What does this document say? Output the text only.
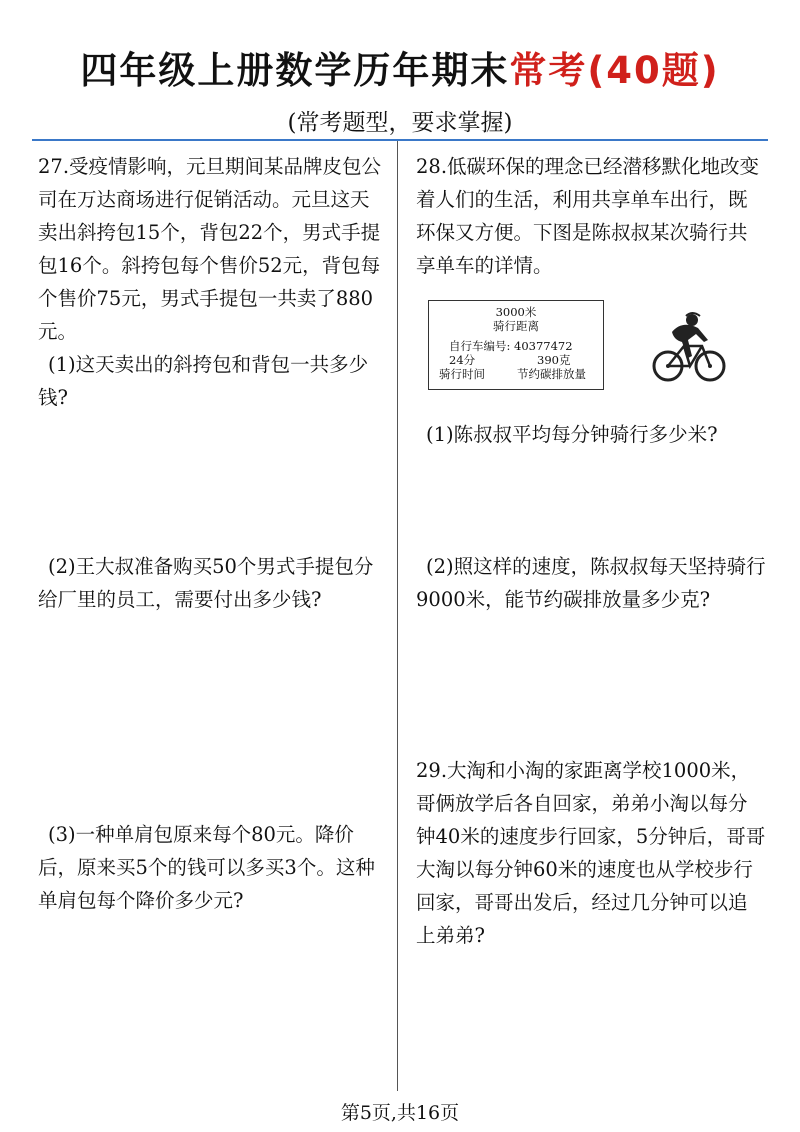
四年级上册数学历年期末常考(40题)
(常考题型，要求掌握)

27.受疫情影响，元旦期间某品牌皮包公司在万达商场进行促销活动。元旦这天卖出斜挎包15个，背包22个，男式手提包16个。斜挎包每个售价52元，背包每个售价75元，男式手提包一共卖了880元。

(1)这天卖出的斜挎包和背包一共多少钱?

(2)王大叔准备购买50个男式手提包分给厂里的员工，需要付出多少钱?

(3)一种单肩包原来每个80元。降价后，原来买5个的钱可以多买3个。这种单肩包每个降价多少元?

28.低碳环保的理念已经潜移默化地改变着人们的生活，利用共享单车出行，既环保又方便。下图是陈叔叔某次骑行共享单车的详情。

3000米
骑行距离
自行车编号: 40377472
24分	390克
骑行时间	节约碳排放量

(1)陈叔叔平均每分钟骑行多少米?

(2)照这样的速度，陈叔叔每天坚持骑行9000米，能节约碳排放量多少克?

29.大淘和小淘的家距离学校1000米，哥俩放学后各自回家，弟弟小淘以每分钟40米的速度步行回家，5分钟后，哥哥大淘以每分钟60米的速度也从学校步行回家，哥哥出发后，经过几分钟可以追上弟弟?

第5页,共16页
